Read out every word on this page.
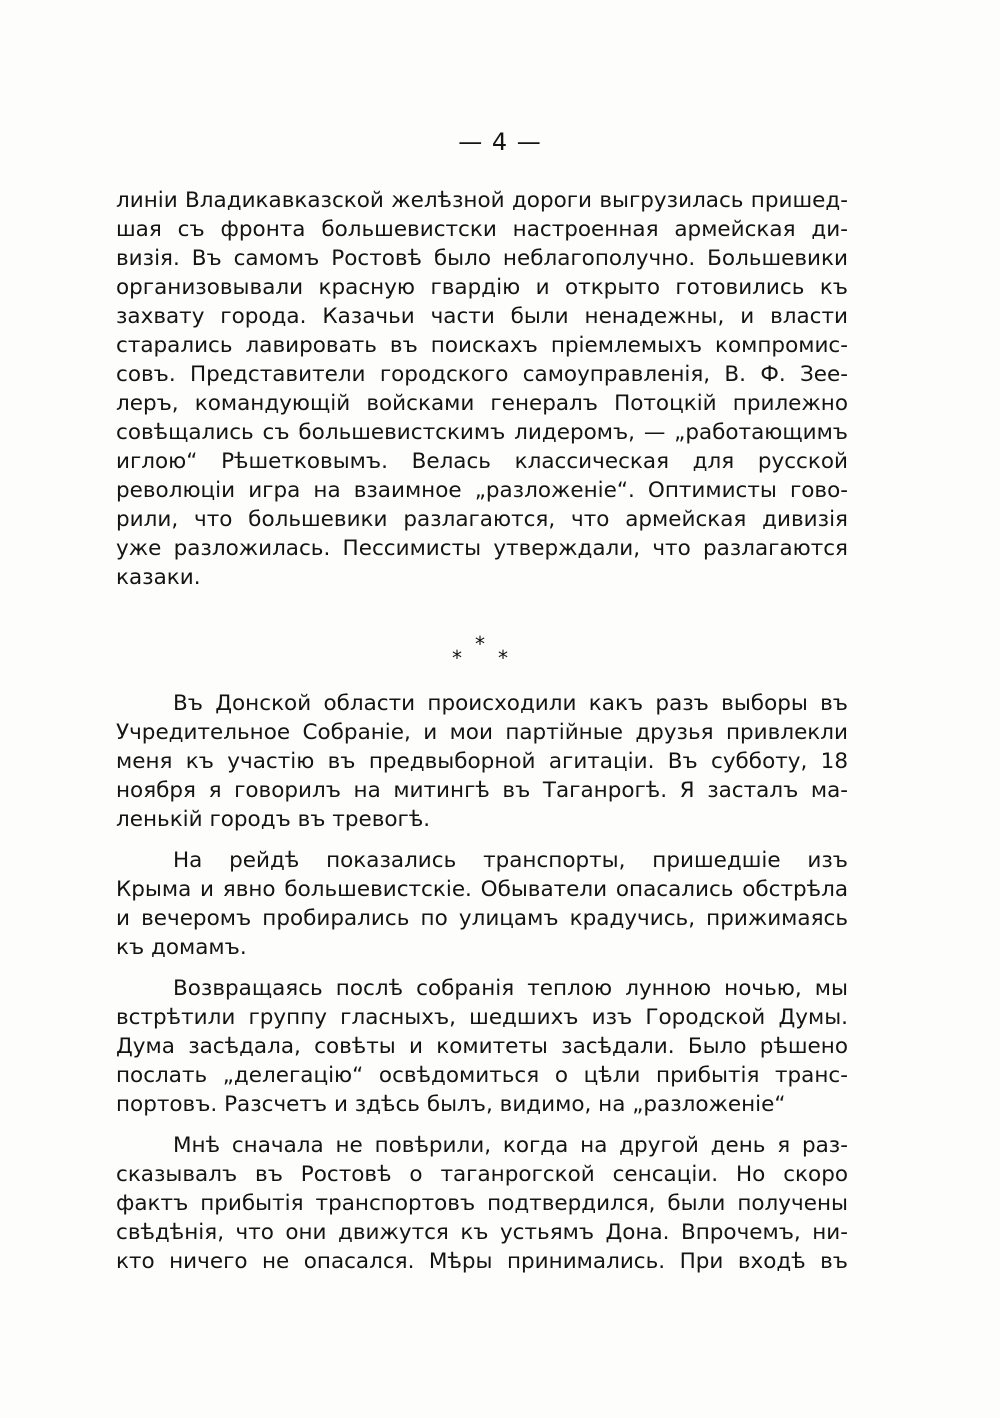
— 4 —
линіи Владикавказской желѣзной дороги выгрузилась пришед-
шая съ фронта большевистски настроенная армейская ди-
визія. Въ самомъ Ростовѣ было неблагополучно. Большевики
организовывали красную гвардію и открыто готовились къ
захвату города. Казачьи части были ненадежны, и власти
старались лавировать въ поискахъ пріемлемыхъ компромис-
совъ. Представители городского самоуправленія, В. Ф. Зее-
леръ, командующій войсками генералъ Потоцкій прилежно
совѣщались съ большевистскимъ лидеромъ, — „работающимъ
иглою“ Рѣшетковымъ. Велась классическая для русской
революціи игра на взаимное „разложеніе“. Оптимисты гово-
рили, что большевики разлагаются, что армейская дивизія
уже разложилась. Пессимисты утверждали, что разлагаются
казаки.
*
*
*
Въ Донской области происходили какъ разъ выборы въ
Учредительное Собраніе, и мои партійные друзья привлекли
меня къ участію въ предвыборной агитаціи. Въ субботу, 18
ноября я говорилъ на митингѣ въ Таганрогѣ. Я засталъ ма-
ленькій городъ въ тревогѣ.
На рейдѣ показались транспорты, пришедшіе изъ
Крыма и явно большевистскіе. Обыватели опасались обстрѣла
и вечеромъ пробирались по улицамъ крадучись, прижимаясь
къ домамъ.
Возвращаясь послѣ собранія теплою лунною ночью, мы
встрѣтили группу гласныхъ, шедшихъ изъ Городской Думы.
Дума засѣдала, совѣты и комитеты засѣдали. Было рѣшено
послать „делегацію“ освѣдомиться о цѣли прибытія транс-
портовъ. Разсчетъ и здѣсь былъ, видимо, на „разложеніе“
Мнѣ сначала не повѣрили, когда на другой день я раз-
сказывалъ въ Ростовѣ о таганрогской сенсаціи. Но скоро
фактъ прибытія транспортовъ подтвердился, были получены
свѣдѣнія, что они движутся къ устьямъ Дона. Впрочемъ, ни-
кто ничего не опасался. Мѣры принимались. При входѣ въ
